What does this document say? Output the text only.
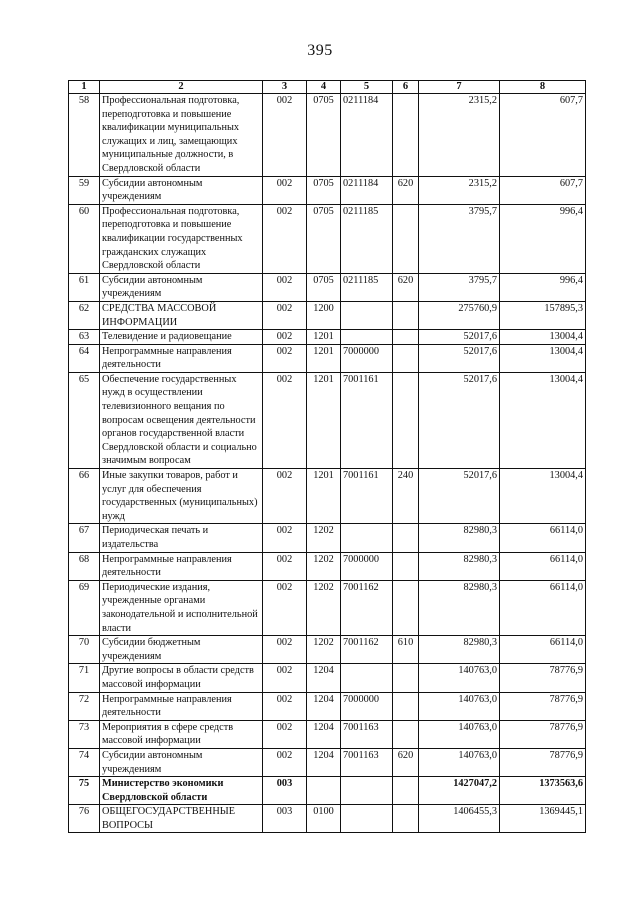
395
1	2	3	4	5	6	7	8
58	Профессиональная подготовка, переподготовка и повышение квалификации муниципальных служащих и лиц, замещающих муниципальные должности, в Свердловской области	002	0705	0211184		2315,2	607,7
59	Субсидии автономным учреждениям	002	0705	0211184	620	2315,2	607,7
60	Профессиональная подготовка, переподготовка и повышение квалификации государственных гражданских служащих Свердловской области	002	0705	0211185		3795,7	996,4
61	Субсидии автономным учреждениям	002	0705	0211185	620	3795,7	996,4
62	СРЕДСТВА МАССОВОЙ ИНФОРМАЦИИ	002	1200			275760,9	157895,3
63	Телевидение и радиовещание	002	1201			52017,6	13004,4
64	Непрограммные направления деятельности	002	1201	7000000		52017,6	13004,4
65	Обеспечение государственных нужд в осуществлении телевизионного вещания по вопросам освещения деятельности органов государственной власти Свердловской области и социально значимым вопросам	002	1201	7001161		52017,6	13004,4
66	Иные закупки товаров, работ и услуг для обеспечения государственных (муниципальных) нужд	002	1201	7001161	240	52017,6	13004,4
67	Периодическая печать и издательства	002	1202			82980,3	66114,0
68	Непрограммные направления деятельности	002	1202	7000000		82980,3	66114,0
69	Периодические издания, учрежденные органами законодательной и исполнительной власти	002	1202	7001162		82980,3	66114,0
70	Субсидии бюджетным учреждениям	002	1202	7001162	610	82980,3	66114,0
71	Другие вопросы в области средств массовой информации	002	1204			140763,0	78776,9
72	Непрограммные направления деятельности	002	1204	7000000		140763,0	78776,9
73	Мероприятия в сфере средств массовой информации	002	1204	7001163		140763,0	78776,9
74	Субсидии автономным учреждениям	002	1204	7001163	620	140763,0	78776,9
75	Министерство экономики Свердловской области	003				1427047,2	1373563,6
76	ОБЩЕГОСУДАРСТВЕННЫЕ ВОПРОСЫ	003	0100			1406455,3	1369445,1
